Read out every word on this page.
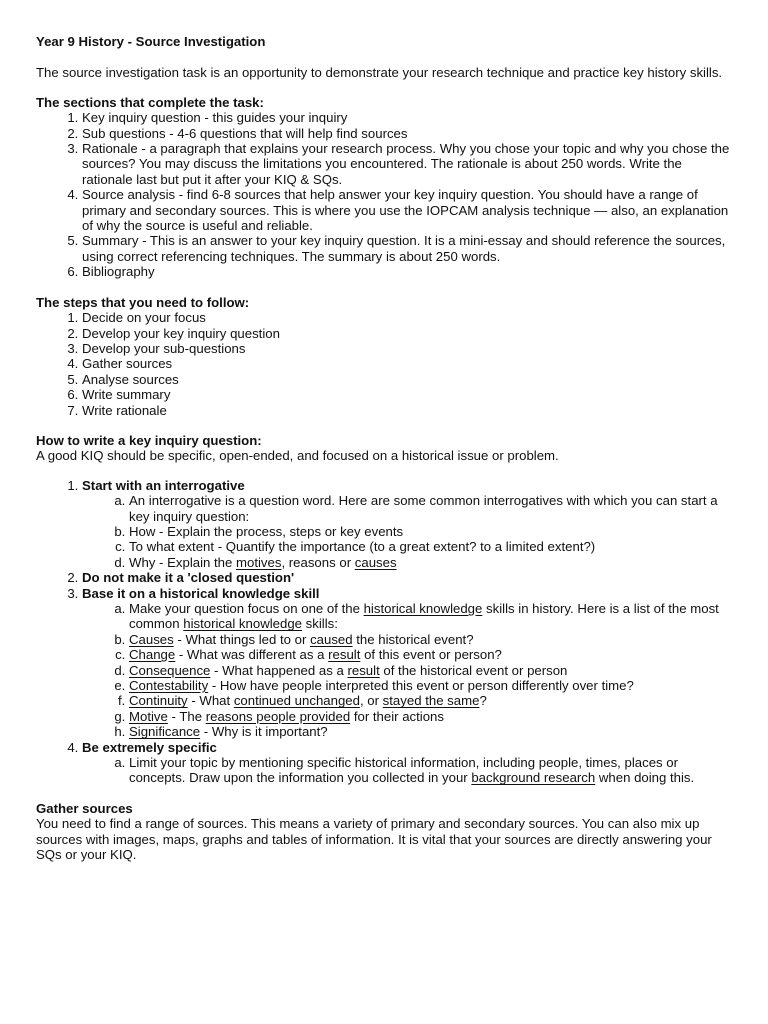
Year 9 History - Source Investigation
The source investigation task is an opportunity to demonstrate your research technique and practice key history skills.
The sections that complete the task:
1. Key inquiry question - this guides your inquiry
2. Sub questions - 4-6 questions that will help find sources
3. Rationale - a paragraph that explains your research process. Why you chose your topic and why you chose the sources? You may discuss the limitations you encountered. The rationale is about 250 words. Write the rationale last but put it after your KIQ & SQs.
4. Source analysis - find 6-8 sources that help answer your key inquiry question. You should have a range of primary and secondary sources. This is where you use the IOPCAM analysis technique — also, an explanation of why the source is useful and reliable.
5. Summary - This is an answer to your key inquiry question. It is a mini-essay and should reference the sources, using correct referencing techniques. The summary is about 250 words.
6. Bibliography
The steps that you need to follow:
1. Decide on your focus
2. Develop your key inquiry question
3. Develop your sub-questions
4. Gather sources
5. Analyse sources
6. Write summary
7. Write rationale
How to write a key inquiry question:
A good KIQ should be specific, open-ended, and focused on a historical issue or problem.
1. Start with an interrogative
a. An interrogative is a question word. Here are some common interrogatives with which you can start a key inquiry question:
b. How - Explain the process, steps or key events
c. To what extent - Quantify the importance (to a great extent? to a limited extent?)
d. Why - Explain the motives, reasons or causes
2. Do not make it a 'closed question'
3. Base it on a historical knowledge skill
a. Make your question focus on one of the historical knowledge skills in history. Here is a list of the most common historical knowledge skills:
b. Causes - What things led to or caused the historical event?
c. Change - What was different as a result of this event or person?
d. Consequence - What happened as a result of the historical event or person
e. Contestability - How have people interpreted this event or person differently over time?
f. Continuity - What continued unchanged, or stayed the same?
g. Motive - The reasons people provided for their actions
h. Significance - Why is it important?
4. Be extremely specific
a. Limit your topic by mentioning specific historical information, including people, times, places or concepts. Draw upon the information you collected in your background research when doing this.
Gather sources
You need to find a range of sources. This means a variety of primary and secondary sources. You can also mix up sources with images, maps, graphs and tables of information. It is vital that your sources are directly answering your SQs or your KIQ.
